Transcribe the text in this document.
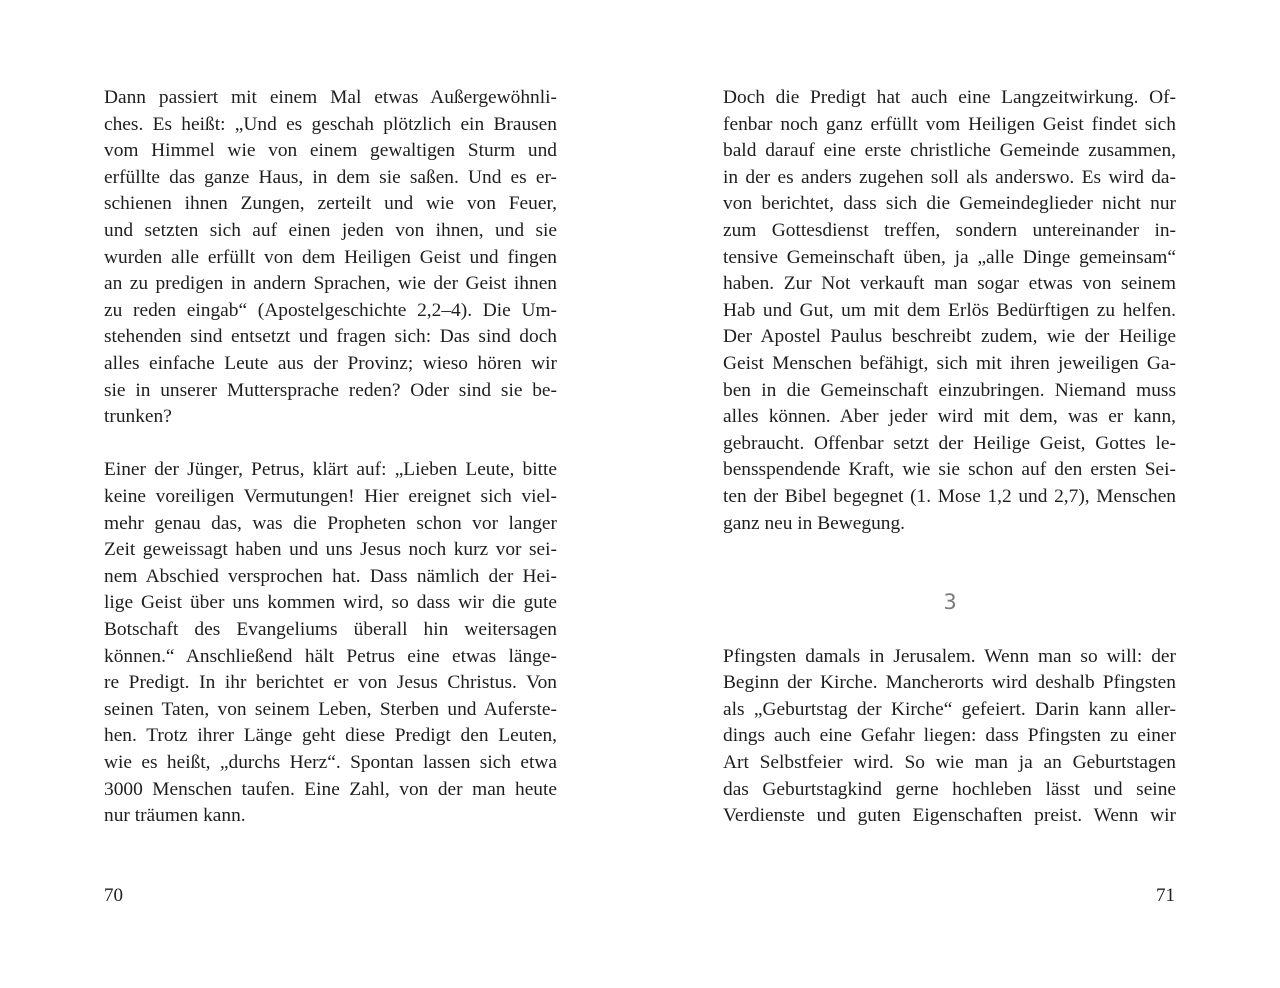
Dann passiert mit einem Mal etwas Außergewöhnli-
ches. Es heißt: „Und es geschah plötzlich ein Brausen
vom Himmel wie von einem gewaltigen Sturm und
erfüllte das ganze Haus, in dem sie saßen. Und es er-
schienen ihnen Zungen, zerteilt und wie von Feuer,
und setzten sich auf einen jeden von ihnen, und sie
wurden alle erfüllt von dem Heiligen Geist und fingen
an zu predigen in andern Sprachen, wie der Geist ihnen
zu reden eingab“ (Apostelgeschichte 2,2–4). Die Um-
stehenden sind entsetzt und fragen sich: Das sind doch
alles einfache Leute aus der Provinz; wieso hören wir
sie in unserer Muttersprache reden? Oder sind sie be-
trunken?
Einer der Jünger, Petrus, klärt auf: „Lieben Leute, bitte
keine voreiligen Vermutungen! Hier ereignet sich viel-
mehr genau das, was die Propheten schon vor langer
Zeit geweissagt haben und uns Jesus noch kurz vor sei-
nem Abschied versprochen hat. Dass nämlich der Hei-
lige Geist über uns kommen wird, so dass wir die gute
Botschaft des Evangeliums überall hin weitersagen
können.“ Anschließend hält Petrus eine etwas länge-
re Predigt. In ihr berichtet er von Jesus Christus. Von
seinen Taten, von seinem Leben, Sterben und Auferste-
hen. Trotz ihrer Länge geht diese Predigt den Leuten,
wie es heißt, „durchs Herz“. Spontan lassen sich etwa
3000 Menschen taufen. Eine Zahl, von der man heute
nur träumen kann.
70
Doch die Predigt hat auch eine Langzeitwirkung. Of-
fenbar noch ganz erfüllt vom Heiligen Geist findet sich
bald darauf eine erste christliche Gemeinde zusammen,
in der es anders zugehen soll als anderswo. Es wird da-
von berichtet, dass sich die Gemeindeglieder nicht nur
zum Gottesdienst treffen, sondern untereinander in-
tensive Gemeinschaft üben, ja „alle Dinge gemeinsam“
haben. Zur Not verkauft man sogar etwas von seinem
Hab und Gut, um mit dem Erlös Bedürftigen zu helfen.
Der Apostel Paulus beschreibt zudem, wie der Heilige
Geist Menschen befähigt, sich mit ihren jeweiligen Ga-
ben in die Gemeinschaft einzubringen. Niemand muss
alles können. Aber jeder wird mit dem, was er kann,
gebraucht. Offenbar setzt der Heilige Geist, Gottes le-
bensspendende Kraft, wie sie schon auf den ersten Sei-
ten der Bibel begegnet (1. Mose 1,2 und 2,7), Menschen
ganz neu in Bewegung.
Pfingsten damals in Jerusalem. Wenn man so will: der
Beginn der Kirche. Mancherorts wird deshalb Pfingsten
als „Geburtstag der Kirche“ gefeiert. Darin kann aller-
dings auch eine Gefahr liegen: dass Pfingsten zu einer
Art Selbstfeier wird. So wie man ja an Geburtstagen
das Geburtstagkind gerne hochleben lässt und seine
Verdienste und guten Eigenschaften preist. Wenn wir
71
3
